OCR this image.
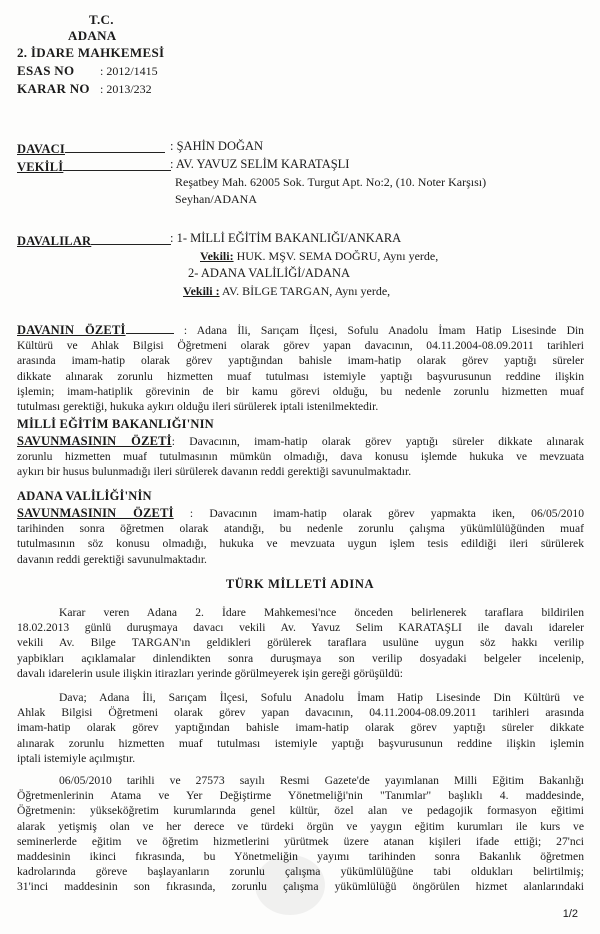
T.C.
ADANA
2. İDARE MAHKEMESİ
ESAS NO : 2012/1415
KARAR NO : 2013/232
DAVACI	: ŞAHİN DOĞAN
VEKİLİ	: AV. YAVUZ SELİM KARATAŞLI
Reşatbey Mah. 62005 Sok. Turgut Apt. No:2, (10. Noter Karşısı)
Seyhan/ADANA
DAVALILAR	: 1- MİLLİ EĞİTİM BAKANLIĞI/ANKARA
Vekili: HUK. MŞV. SEMA DOĞRU, Aynı yerde,
2- ADANA VALİLİĞİ/ADANA
Vekili : AV. BİLGE TARGAN, Aynı yerde,
DAVANIN ÖZETİ	: Adana İli, Sarıçam İlçesi, Sofulu Anadolu İmam Hatip Lisesinde Din
Kültürü ve Ahlak Bilgisi Öğretmeni olarak görev yapan davacının, 04.11.2004-08.09.2011 tarihleri
arasında imam-hatip olarak görev yaptığından bahisle imam-hatip olarak görev yaptığı süreler
dikkate alınarak zorunlu hizmetten muaf tutulması istemiyle yaptığı başvurusunun reddine ilişkin
işlemin; imam-hatiplik görevinin de bir kamu görevi olduğu, bu nedenle zorunlu hizmetten muaf
tutulması gerektiği, hukuka aykırı olduğu ileri sürülerek iptali istenilmektedir.
MİLLİ EĞİTİM BAKANLIĞI'NIN
SAVUNMASININ ÖZETİ: Davacının, imam-hatip olarak görev yaptığı süreler dikkate alınarak
zorunlu hizmetten muaf tutulmasının mümkün olmadığı, dava konusu işlemde hukuka ve mevzuata
aykırı bir husus bulunmadığı ileri sürülerek davanın reddi gerektiği savunulmaktadır.
ADANA VALİLİĞİ'NİN
SAVUNMASININ ÖZETİ : Davacının imam-hatip olarak görev yapmakta iken, 06/05/2010
tarihinden sonra öğretmen olarak atandığı, bu nedenle zorunlu çalışma yükümlülüğünden muaf
tutulmasının söz konusu olmadığı, hukuka ve mevzuata uygun işlem tesis edildiği ileri sürülerek
davanın reddi gerektiği savunulmaktadır.
TÜRK MİLLETİ ADINA
Karar veren Adana 2. İdare Mahkemesi'nce önceden belirlenerek taraflara bildirilen
18.02.2013 günlü duruşmaya davacı vekili Av. Yavuz Selim KARATAŞLI ile davalı idareler
vekili Av. Bilge TARGAN'ın geldikleri görülerek taraflara usulüne uygun söz hakkı verilip
yapbikları açıklamalar dinlendikten sonra duruşmaya son verilip dosyadaki belgeler incelenip,
davalı idarelerin usule ilişkin itirazları yerinde görülmeyerek işin gereği görüşüldü:
Dava; Adana İli, Sarıçam İlçesi, Sofulu Anadolu İmam Hatip Lisesinde Din Kültürü ve
Ahlak Bilgisi Öğretmeni olarak görev yapan davacının, 04.11.2004-08.09.2011 tarihleri arasında
imam-hatip olarak görev yaptığından bahisle imam-hatip olarak görev yaptığı süreler dikkate
alınarak zorunlu hizmetten muaf tutulması istemiyle yaptığı başvurusunun reddine ilişkin işlemin
iptali istemiyle açılmıştır.
06/05/2010 tarihli ve 27573 sayılı Resmi Gazete'de yayımlanan Milli Eğitim Bakanlığı
Öğretmenlerinin Atama ve Yer Değiştirme Yönetmeliği'nin "Tanımlar" başlıklı 4. maddesinde,
Öğretmenin: yükseköğretim kurumlarında genel kültür, özel alan ve pedagojik formasyon eğitimi
alarak yetişmiş olan ve her derece ve türdeki örgün ve yaygın eğitim kurumları ile kurs ve
seminerlerde eğitim ve öğretim hizmetlerini yürütmek üzere atanan kişileri ifade ettiği; 27'nci
maddesinin ikinci fıkrasında, bu Yönetmeliğin yayımı tarihinden sonra Bakanlık öğretmen
kadrolarında göreve başlayanların zorunlu çalışma yükümlülüğüne tabi oldukları belirtilmiş;
31'inci maddesinin son fıkrasında, zorunlu çalışma yükümlülüğü öngörülen hizmet alanlarındaki
1/2
